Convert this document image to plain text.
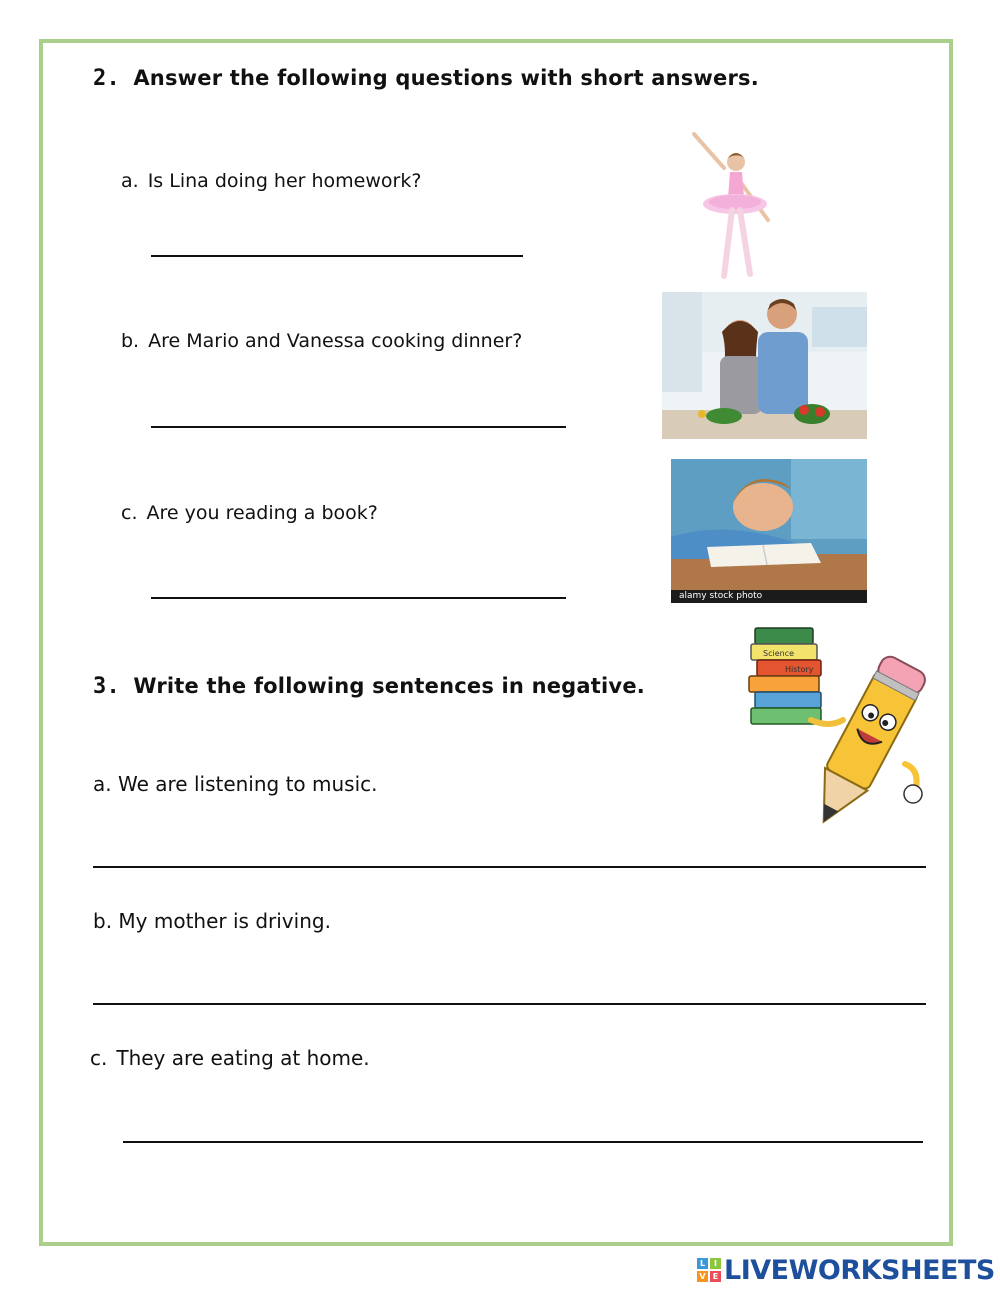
2. Answer the following questions with short answers.
a. Is Lina doing her homework?
b. Are Mario and Vanessa cooking dinner?
c. Are you reading a book?
alamy stock photo
3. Write the following sentences in negative.
a. We are listening to music.
b. My mother is driving.
c. They are eating at home.
Science
History
L	I
V E LIVEWORKSHEETS
